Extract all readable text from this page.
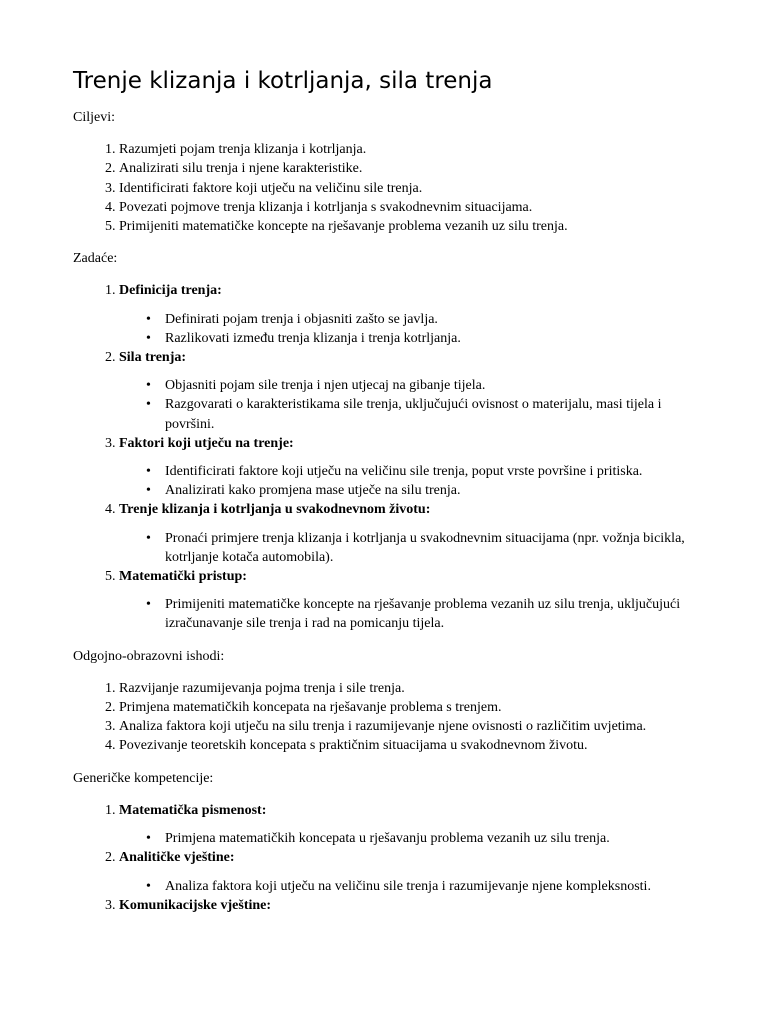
Trenje klizanja i kotrljanja, sila trenja
Ciljevi:
1. Razumjeti pojam trenja klizanja i kotrljanja.
2. Analizirati silu trenja i njene karakteristike.
3. Identificirati faktore koji utječu na veličinu sile trenja.
4. Povezati pojmove trenja klizanja i kotrljanja s svakodnevnim situacijama.
5. Primijeniti matematičke koncepte na rješavanje problema vezanih uz silu trenja.
Zadaće:
1. Definicija trenja:
• Definirati pojam trenja i objasniti zašto se javlja.
• Razlikovati između trenja klizanja i trenja kotrljanja.
2. Sila trenja:
• Objasniti pojam sile trenja i njen utjecaj na gibanje tijela.
• Razgovarati o karakteristikama sile trenja, uključujući ovisnost o materijalu, masi tijela i površini.
3. Faktori koji utječu na trenje:
• Identificirati faktore koji utječu na veličinu sile trenja, poput vrste površine i pritiska.
• Analizirati kako promjena mase utječe na silu trenja.
4. Trenje klizanja i kotrljanja u svakodnevnom životu:
• Pronaći primjere trenja klizanja i kotrljanja u svakodnevnim situacijama (npr. vožnja bicikla, kotrljanje kotača automobila).
5. Matematički pristup:
• Primijeniti matematičke koncepte na rješavanje problema vezanih uz silu trenja, uključujući izračunavanje sile trenja i rad na pomicanju tijela.
Odgojno-obrazovni ishodi:
1. Razvijanje razumijevanja pojma trenja i sile trenja.
2. Primjena matematičkih koncepata na rješavanje problema s trenjem.
3. Analiza faktora koji utječu na silu trenja i razumijevanje njene ovisnosti o različitim uvjetima.
4. Povezivanje teoretskih koncepata s praktičnim situacijama u svakodnevnom životu.
Generičke kompetencije:
1. Matematička pismenost:
• Primjena matematičkih koncepata u rješavanju problema vezanih uz silu trenja.
2. Analitičke vještine:
• Analiza faktora koji utječu na veličinu sile trenja i razumijevanje njene kompleksnosti.
3. Komunikacijske vještine:
